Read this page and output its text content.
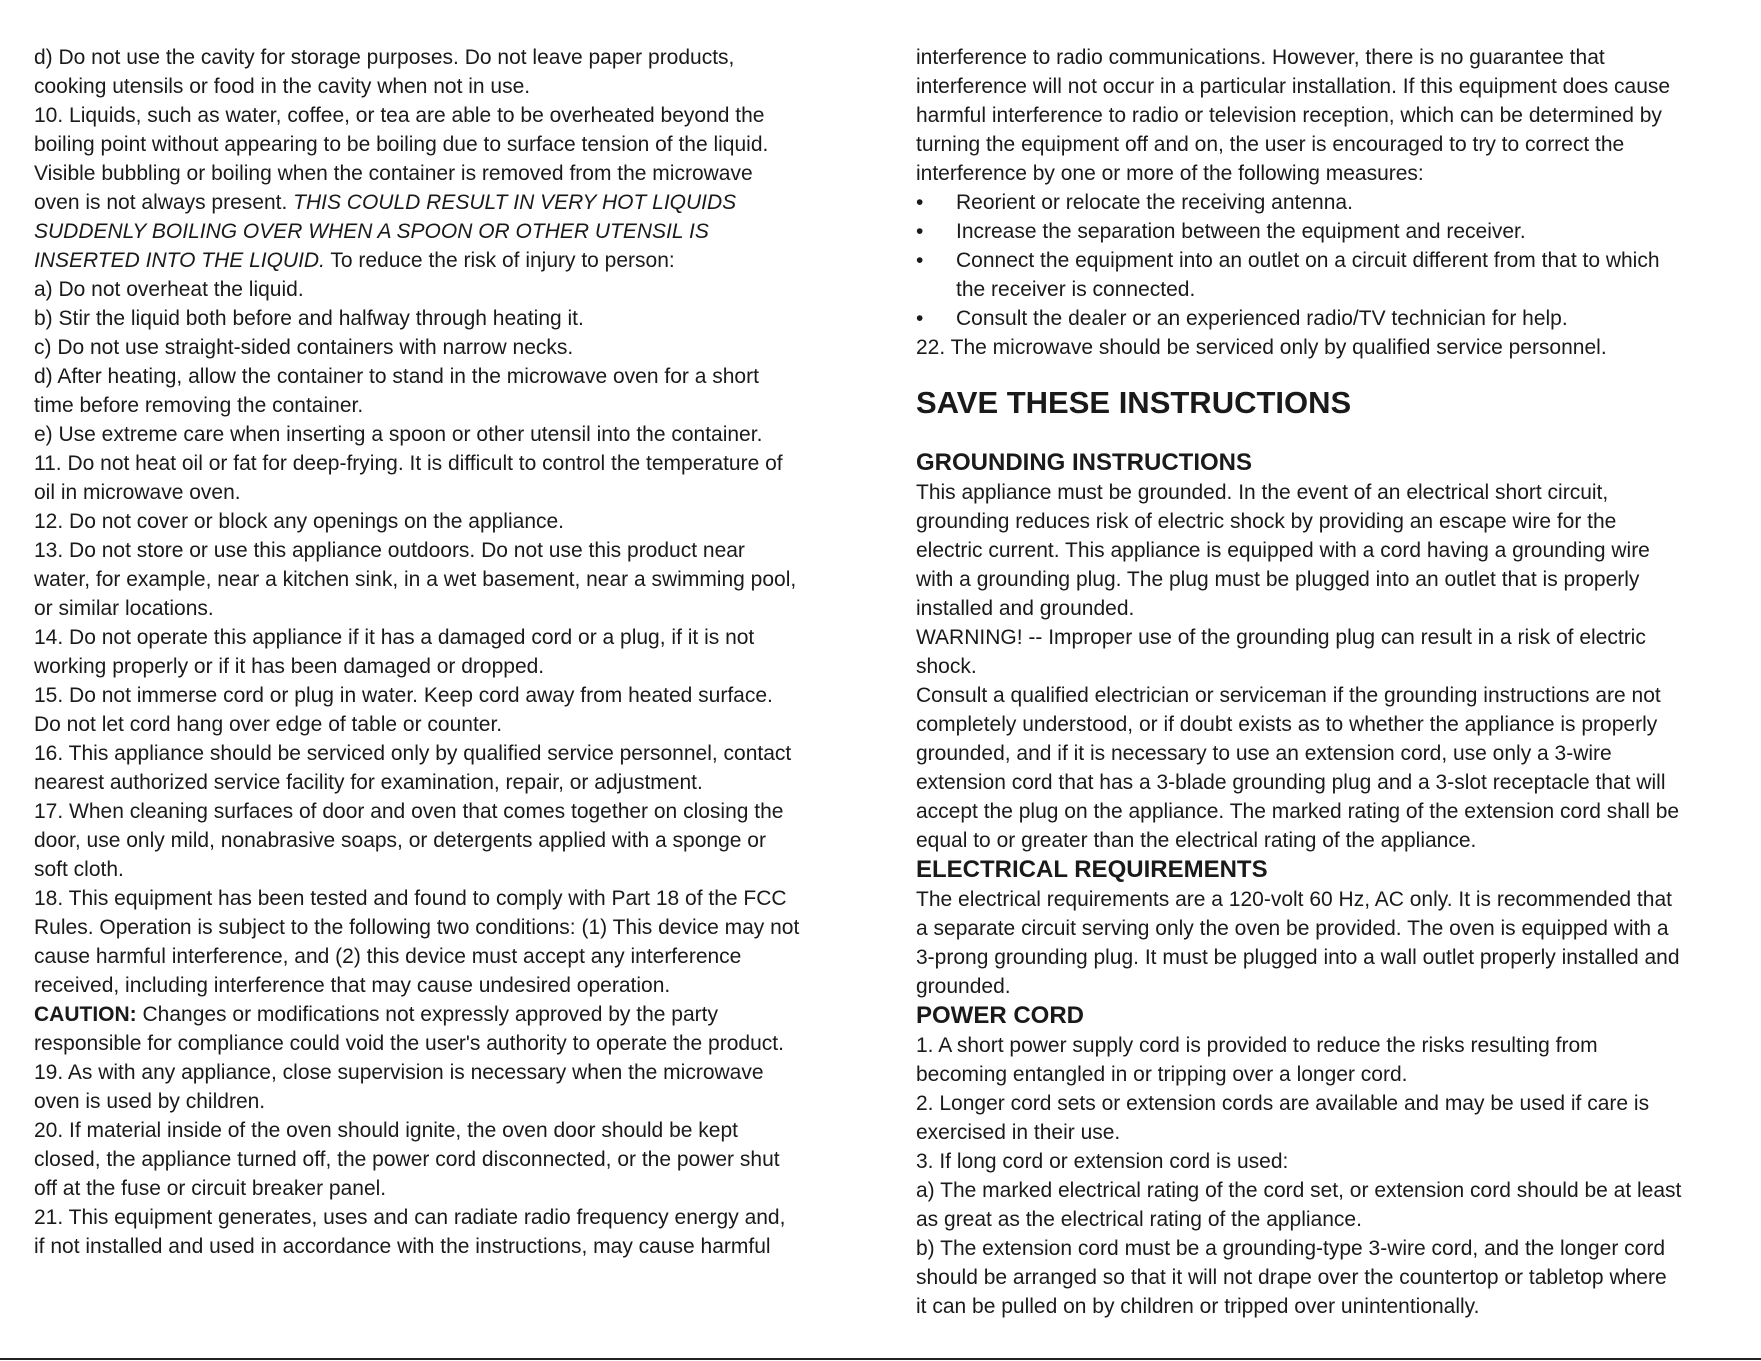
d) Do not use the cavity for storage purposes. Do not leave paper products,
cooking utensils or food in the cavity when not in use.
10. Liquids, such as water, coffee, or tea are able to be overheated beyond the
boiling point without appearing to be boiling due to surface tension of the liquid.
Visible bubbling or boiling when the container is removed from the microwave
oven is not always present. THIS COULD RESULT IN VERY HOT LIQUIDS
SUDDENLY BOILING OVER WHEN A SPOON OR OTHER UTENSIL IS
INSERTED INTO THE LIQUID. To reduce the risk of injury to person:
a) Do not overheat the liquid.
b) Stir the liquid both before and halfway through heating it.
c) Do not use straight-sided containers with narrow necks.
d) After heating, allow the container to stand in the microwave oven for a short
time before removing the container.
e) Use extreme care when inserting a spoon or other utensil into the container.
11. Do not heat oil or fat for deep-frying. It is difficult to control the temperature of
oil in microwave oven.
12. Do not cover or block any openings on the appliance.
13. Do not store or use this appliance outdoors. Do not use this product near
water, for example, near a kitchen sink, in a wet basement, near a swimming pool,
or similar locations.
14. Do not operate this appliance if it has a damaged cord or a plug, if it is not
working properly or if it has been damaged or dropped.
15. Do not immerse cord or plug in water. Keep cord away from heated surface.
Do not let cord hang over edge of table or counter.
16. This appliance should be serviced only by qualified service personnel, contact
nearest authorized service facility for examination, repair, or adjustment.
17. When cleaning surfaces of door and oven that comes together on closing the
door, use only mild, nonabrasive soaps, or detergents applied with a sponge or
soft cloth.
18. This equipment has been tested and found to comply with Part 18 of the FCC
Rules. Operation is subject to the following two conditions: (1) This device may not
cause harmful interference, and (2) this device must accept any interference
received, including interference that may cause undesired operation.
CAUTION: Changes or modifications not expressly approved by the party
responsible for compliance could void the user's authority to operate the product.
19. As with any appliance, close supervision is necessary when the microwave
oven is used by children.
20. If material inside of the oven should ignite, the oven door should be kept
closed, the appliance turned off, the power cord disconnected, or the power shut
off at the fuse or circuit breaker panel.
21. This equipment generates, uses and can radiate radio frequency energy and,
if not installed and used in accordance with the instructions, may cause harmful
interference to radio communications. However, there is no guarantee that
interference will not occur in a particular installation. If this equipment does cause
harmful interference to radio or television reception, which can be determined by
turning the equipment off and on, the user is encouraged to try to correct the
interference by one or more of the following measures:
• Reorient or relocate the receiving antenna.
• Increase the separation between the equipment and receiver.
• Connect the equipment into an outlet on a circuit different from that to which
the receiver is connected.
• Consult the dealer or an experienced radio/TV technician for help.
22. The microwave should be serviced only by qualified service personnel.
SAVE THESE INSTRUCTIONS
GROUNDING INSTRUCTIONS
This appliance must be grounded. In the event of an electrical short circuit,
grounding reduces risk of electric shock by providing an escape wire for the
electric current. This appliance is equipped with a cord having a grounding wire
with a grounding plug. The plug must be plugged into an outlet that is properly
installed and grounded.
WARNING! -- Improper use of the grounding plug can result in a risk of electric
shock.
Consult a qualified electrician or serviceman if the grounding instructions are not
completely understood, or if doubt exists as to whether the appliance is properly
grounded, and if it is necessary to use an extension cord, use only a 3-wire
extension cord that has a 3-blade grounding plug and a 3-slot receptacle that will
accept the plug on the appliance. The marked rating of the extension cord shall be
equal to or greater than the electrical rating of the appliance.
ELECTRICAL REQUIREMENTS
The electrical requirements are a 120-volt 60 Hz, AC only. It is recommended that
a separate circuit serving only the oven be provided. The oven is equipped with a
3-prong grounding plug. It must be plugged into a wall outlet properly installed and
grounded.
POWER CORD
1. A short power supply cord is provided to reduce the risks resulting from
becoming entangled in or tripping over a longer cord.
2. Longer cord sets or extension cords are available and may be used if care is
exercised in their use.
3. If long cord or extension cord is used:
a) The marked electrical rating of the cord set, or extension cord should be at least
as great as the electrical rating of the appliance.
b) The extension cord must be a grounding-type 3-wire cord, and the longer cord
should be arranged so that it will not drape over the countertop or tabletop where
it can be pulled on by children or tripped over unintentionally.
